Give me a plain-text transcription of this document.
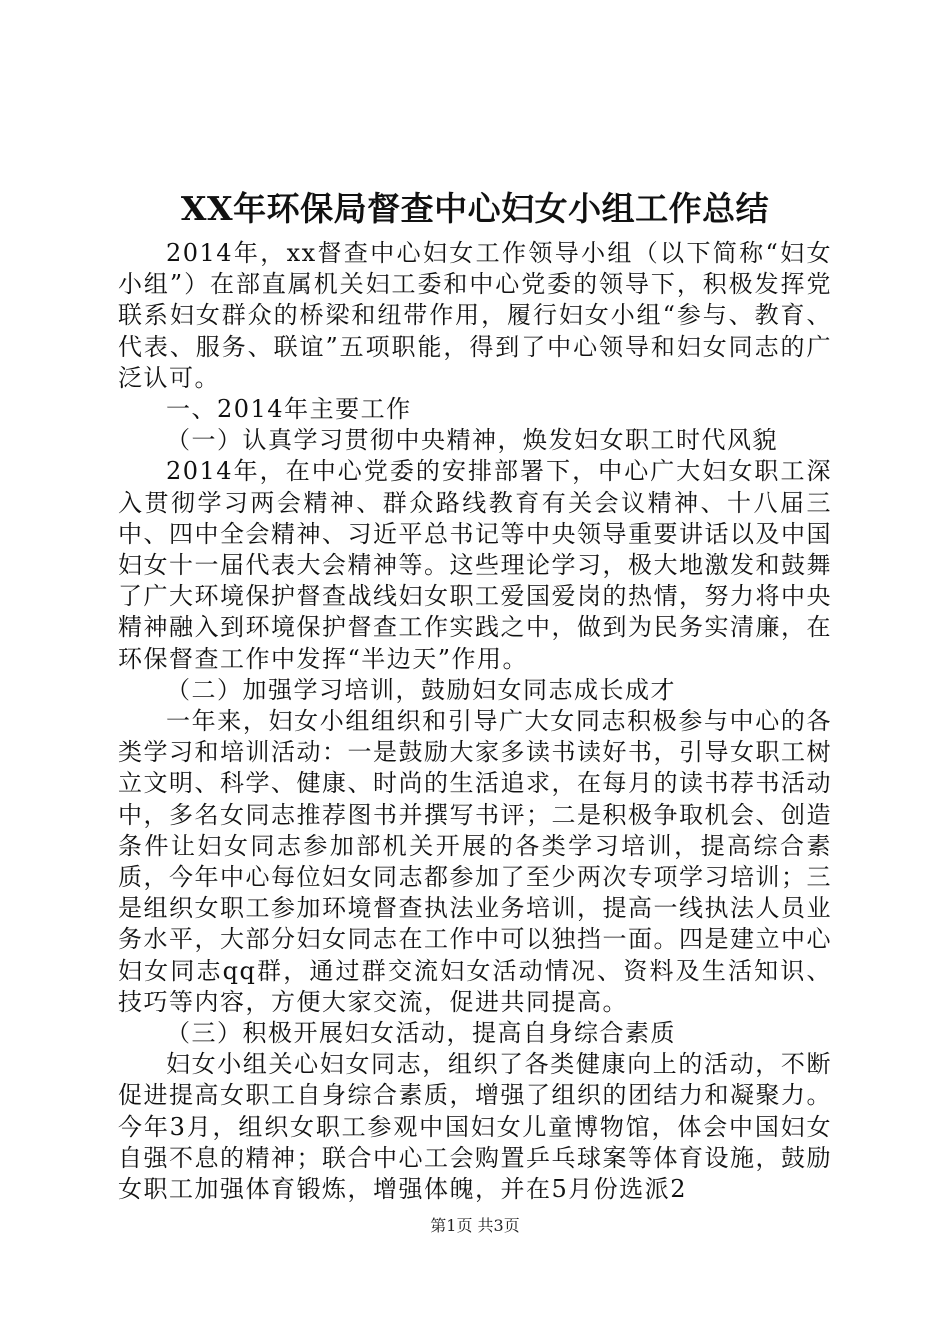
XX年环保局督查中心妇女小组工作总结

2014年，xx督查中心妇女工作领导小组（以下简称“妇女小组”）在部直属机关妇工委和中心党委的领导下，积极发挥党联系妇女群众的桥梁和纽带作用，履行妇女小组“参与、教育、代表、服务、联谊”五项职能，得到了中心领导和妇女同志的广泛认可。

一、2014年主要工作

（一）认真学习贯彻中央精神，焕发妇女职工时代风貌

2014年，在中心党委的安排部署下，中心广大妇女职工深入贯彻学习两会精神、群众路线教育有关会议精神、十八届三中、四中全会精神、习近平总书记等中央领导重要讲话以及中国妇女十一届代表大会精神等。这些理论学习，极大地激发和鼓舞了广大环境保护督查战线妇女职工爱国爱岗的热情，努力将中央精神融入到环境保护督查工作实践之中，做到为民务实清廉，在环保督查工作中发挥“半边天”作用。

（二）加强学习培训，鼓励妇女同志成长成才

一年来，妇女小组组织和引导广大女同志积极参与中心的各类学习和培训活动：一是鼓励大家多读书读好书，引导女职工树立文明、科学、健康、时尚的生活追求，在每月的读书荐书活动中，多名女同志推荐图书并撰写书评；二是积极争取机会、创造条件让妇女同志参加部机关开展的各类学习培训，提高综合素质，今年中心每位妇女同志都参加了至少两次专项学习培训；三是组织女职工参加环境督查执法业务培训，提高一线执法人员业务水平，大部分妇女同志在工作中可以独挡一面。四是建立中心妇女同志qq群，通过群交流妇女活动情况、资料及生活知识、技巧等内容，方便大家交流，促进共同提高。

（三）积极开展妇女活动，提高自身综合素质

妇女小组关心妇女同志，组织了各类健康向上的活动，不断促进提高女职工自身综合素质，增强了组织的团结力和凝聚力。今年3月，组织女职工参观中国妇女儿童博物馆，体会中国妇女自强不息的精神；联合中心工会购置乒乓球案等体育设施，鼓励女职工加强体育锻炼，增强体魄，并在5月份选派2

第1页 共3页
